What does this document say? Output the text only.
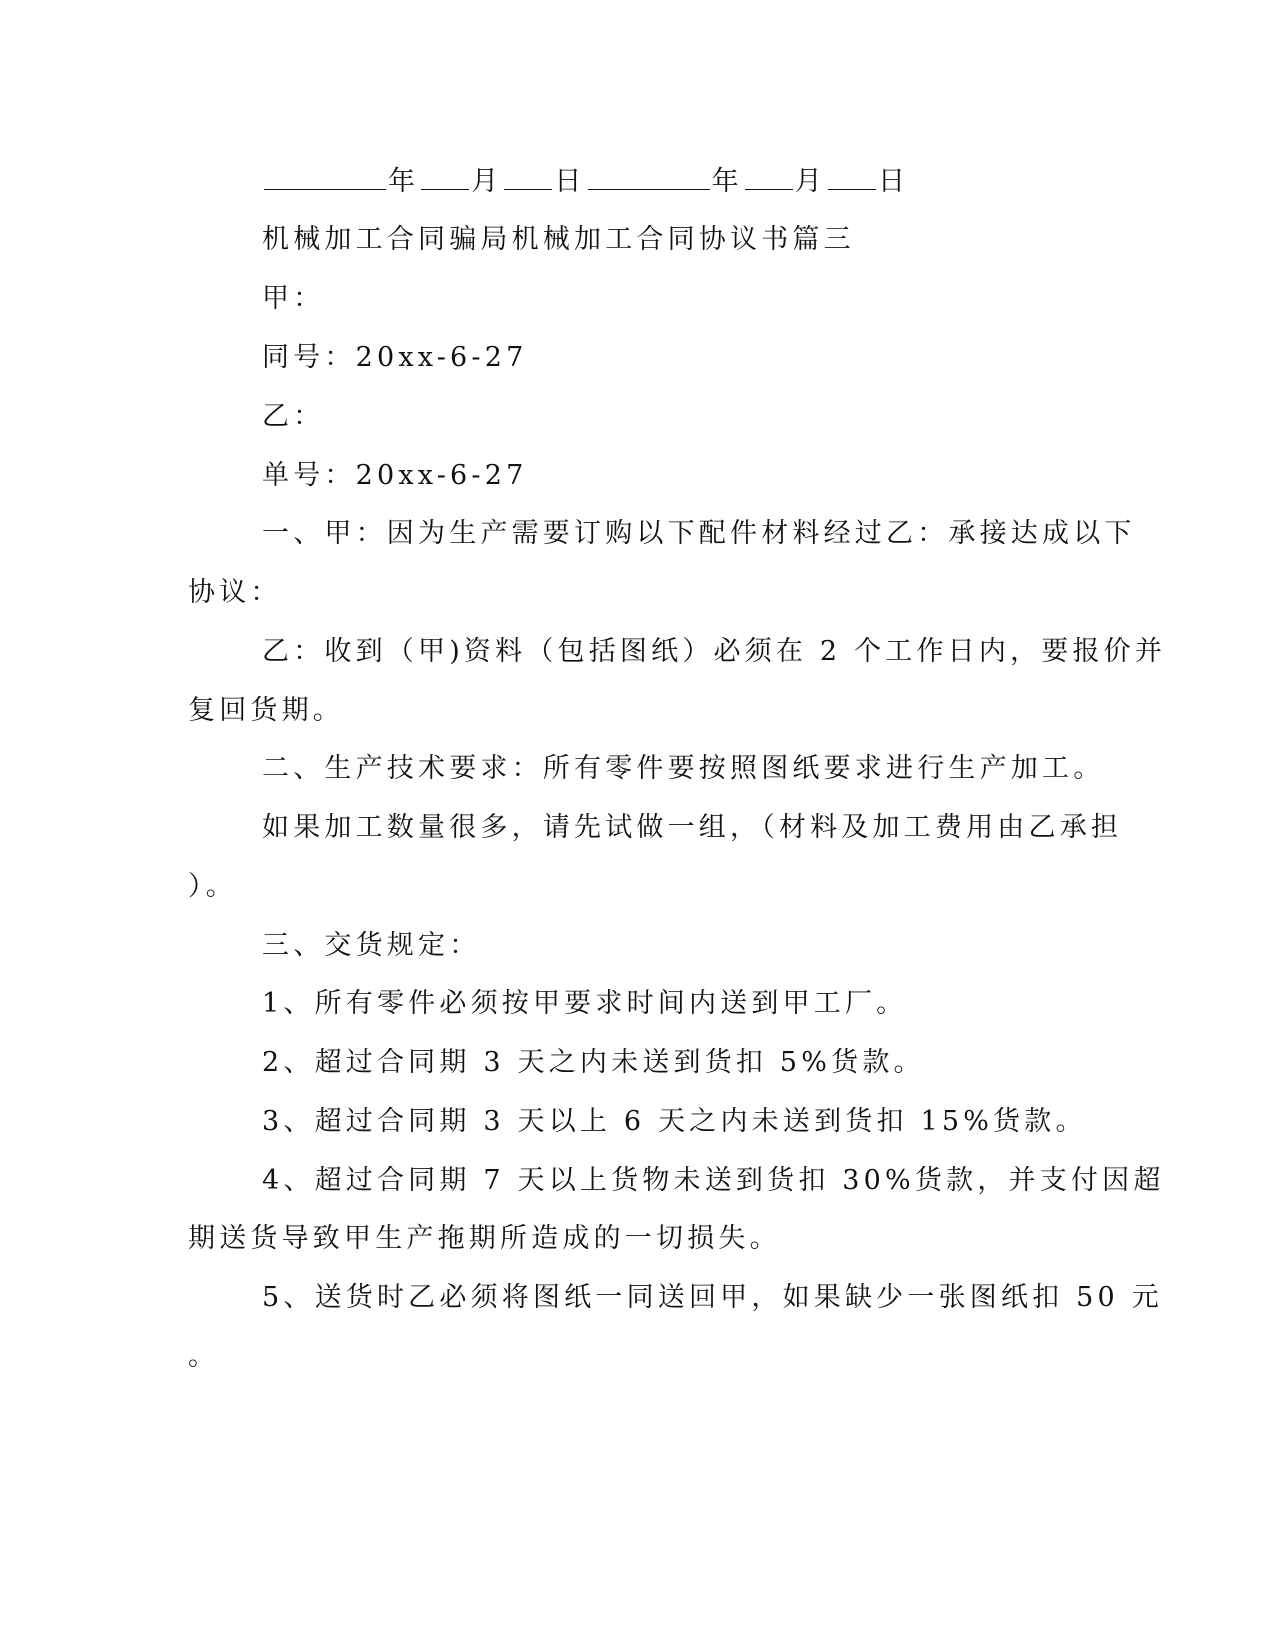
年 月 日	年 月 日
机械加工合同骗局机械加工合同协议书篇三
甲：
同号：20xx-6-27
乙：
单号：20xx-6-27
一、甲：因为生产需要订购以下配件材料经过乙：承接达成以下
协议：
乙：收到（甲)资料（包括图纸）必须在 2 个工作日内，要报价并
复回货期。
二、生产技术要求：所有零件要按照图纸要求进行生产加工。
如果加工数量很多，请先试做一组，（材料及加工费用由乙承担
）。
三、交货规定：
1、所有零件必须按甲要求时间内送到甲工厂。
2、超过合同期 3 天之内未送到货扣 5%货款。
3、超过合同期 3 天以上 6 天之内未送到货扣 15%货款。
4、超过合同期 7 天以上货物未送到货扣 30%货款，并支付因超
期送货导致甲生产拖期所造成的一切损失。
5、送货时乙必须将图纸一同送回甲，如果缺少一张图纸扣 50 元
。
